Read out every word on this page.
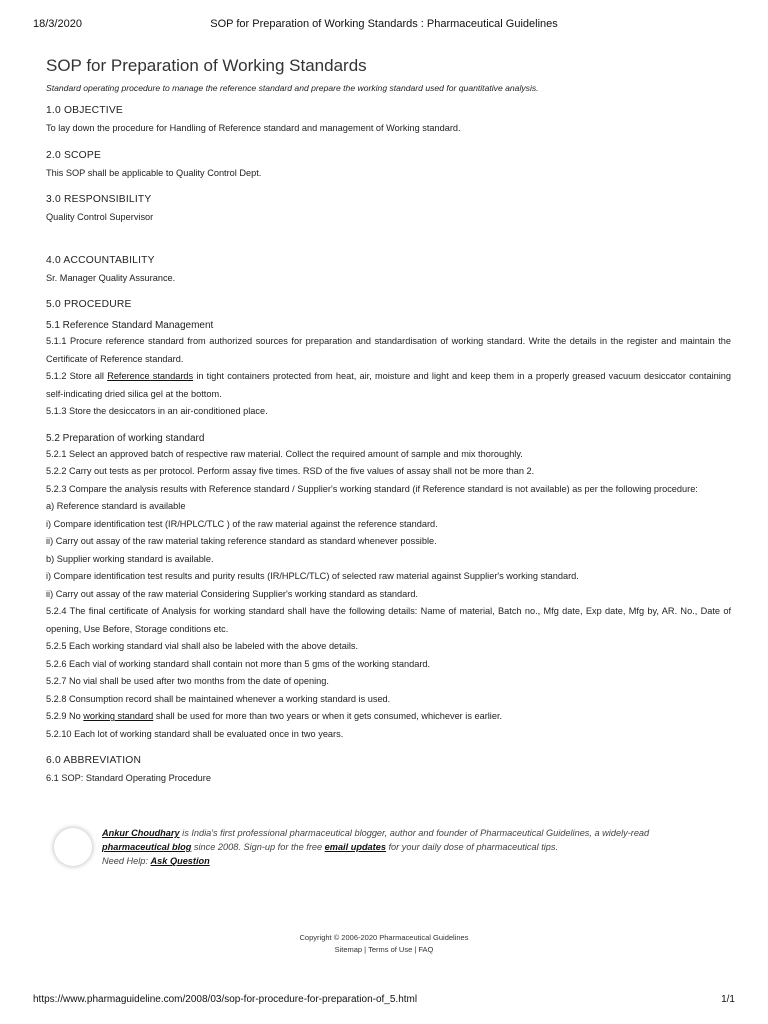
18/3/2020	SOP for Preparation of Working Standards : Pharmaceutical Guidelines
SOP for Preparation of Working Standards
Standard operating procedure to manage the reference standard and prepare the working standard used for quantitative analysis.
1.0 OBJECTIVE
To lay down the procedure for Handling of Reference standard and management of Working standard.
2.0 SCOPE
This SOP shall be applicable to Quality Control Dept.
3.0 RESPONSIBILITY
Quality Control Supervisor
4.0 ACCOUNTABILITY
Sr. Manager Quality Assurance.
5.0 PROCEDURE
5.1 Reference Standard Management
5.1.1 Procure reference standard from authorized sources for preparation and standardisation of working standard. Write the details in the register and maintain the Certificate of Reference standard.
5.1.2 Store all Reference standards in tight containers protected from heat, air, moisture and light and keep them in a properly greased vacuum desiccator containing self-indicating dried silica gel at the bottom.
5.1.3 Store the desiccators in an air-conditioned place.
5.2 Preparation of working standard
5.2.1 Select an approved batch of respective raw material. Collect the required amount of sample and mix thoroughly.
5.2.2 Carry out tests as per protocol. Perform assay five times. RSD of the five values of assay shall not be more than 2.
5.2.3 Compare the analysis results with Reference standard / Supplier's working standard (if Reference standard is not available) as per the following procedure:
a) Reference standard is available
i) Compare identification test (IR/HPLC/TLC ) of the raw material against the reference standard.
ii) Carry out assay of the raw material taking reference standard as standard whenever possible.
b) Supplier working standard is available.
i) Compare identification test results and purity results (IR/HPLC/TLC) of selected raw material against Supplier's working standard.
ii) Carry out assay of the raw material Considering Supplier's working standard as standard.
5.2.4 The final certificate of Analysis for working standard shall have the following details: Name of material, Batch no., Mfg date, Exp date, Mfg by, AR. No., Date of opening, Use Before, Storage conditions etc.
5.2.5 Each working standard vial shall also be labeled with the above details.
5.2.6 Each vial of working standard shall contain not more than 5 gms of the working standard.
5.2.7 No vial shall be used after two months from the date of opening.
5.2.8 Consumption record shall be maintained whenever a working standard is used.
5.2.9 No working standard shall be used for more than two years or when it gets consumed, whichever is earlier.
5.2.10 Each lot of working standard shall be evaluated once in two years.
6.0 ABBREVIATION
6.1 SOP: Standard Operating Procedure
Ankur Choudhary is India's first professional pharmaceutical blogger, author and founder of Pharmaceutical Guidelines, a widely-read pharmaceutical blog since 2008. Sign-up for the free email updates for your daily dose of pharmaceutical tips.
Need Help: Ask Question
Copyright © 2006-2020 Pharmaceutical Guidelines
Sitemap | Terms of Use | FAQ
https://www.pharmaguideline.com/2008/03/sop-for-procedure-for-preparation-of_5.html	1/1
